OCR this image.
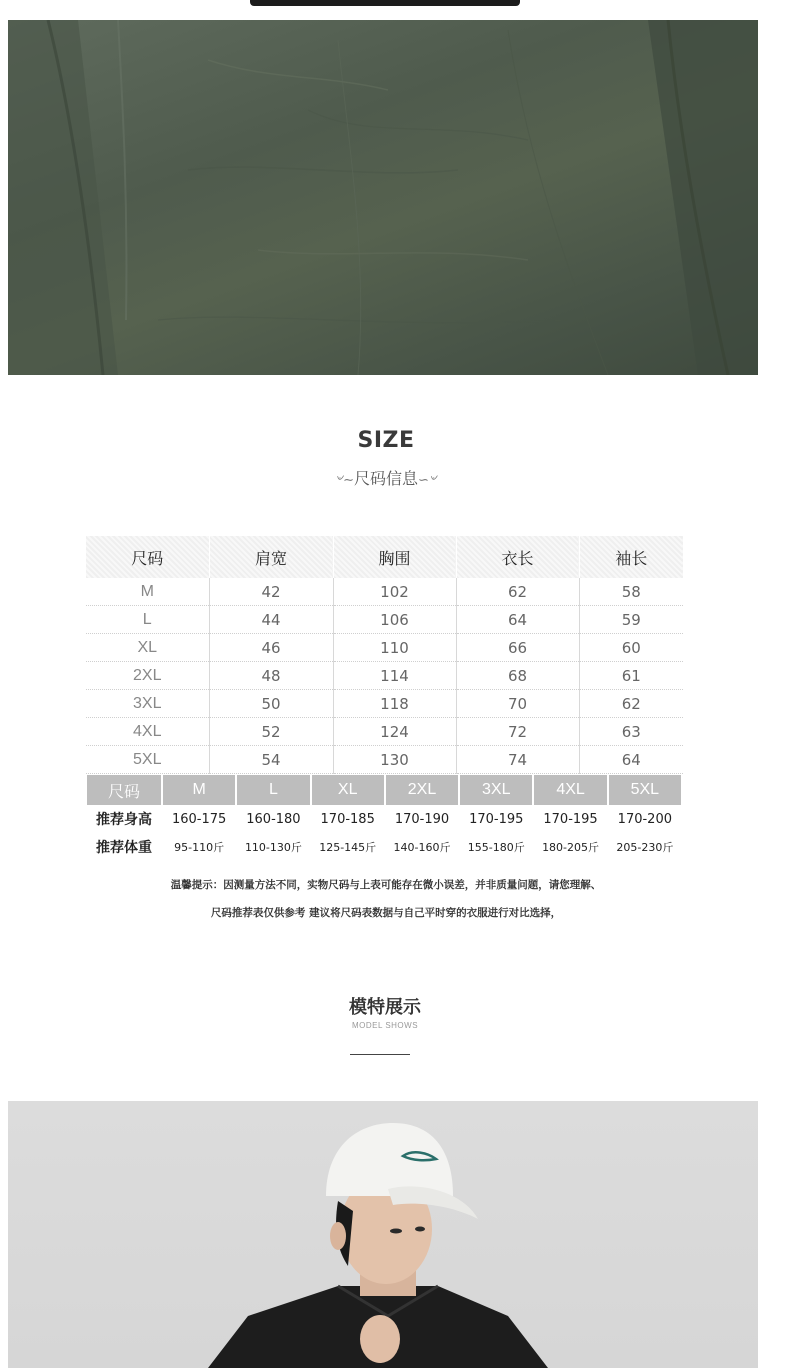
SIZE
৺∼尺码信息∽৺
尺码	肩宽	胸围	衣长	袖长
M	42	102	62	58
L	44	106	64	59
XL	46	110	66	60
2XL	48	114	68	61
3XL	50	118	70	62
4XL	52	124	72	63
5XL	54	130	74	64
尺码	M	L	XL	2XL	3XL	4XL	5XL
推荐身高	160-175	160-180	170-185	170-190	170-195	170-195	170-200
推荐体重	95-110斤	110-130斤	125-145斤	140-160斤	155-180斤	180-205斤	205-230斤
温馨提示：因测量方法不同，实物尺码与上表可能存在微小误差，并非质量问题，请您理解、
尺码推荐表仅供参考 建议将尺码表数据与自己平时穿的衣服进行对比选择，
模特展示
MODEL SHOWS
